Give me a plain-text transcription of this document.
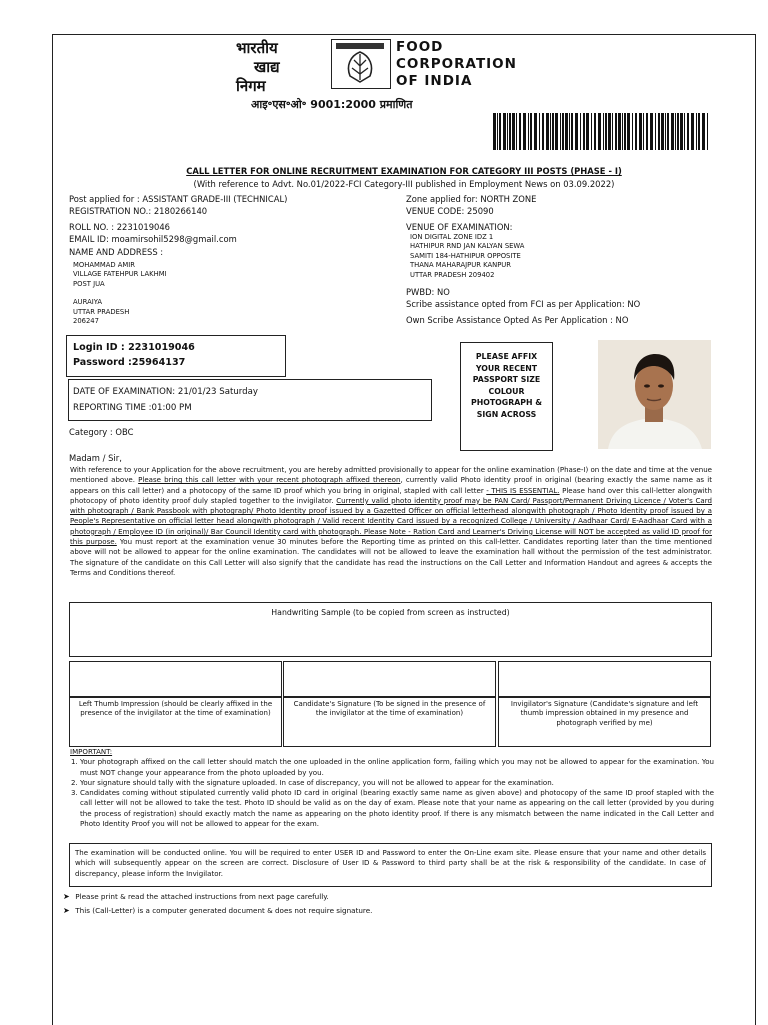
भारतीय
खाद्य
निगम
FOOD
CORPORATION
OF INDIA
आइ॰एस॰ओ॰ 9001:2000 प्रमाणित
CALL LETTER FOR ONLINE RECRUITMENT EXAMINATION FOR CATEGORY III POSTS (PHASE - I)
(With reference to Advt. No.01/2022-FCI Category-III published in Employment News on 03.09.2022)
Post applied for : ASSISTANT GRADE-III (TECHNICAL)
REGISTRATION NO.: 2180266140
ROLL NO. : 2231019046
EMAIL ID: moamirsohil5298@gmail.com
NAME AND ADDRESS :
MOHAMMAD AMIR
VILLAGE FATEHPUR LAKHMI
POST JUA
AURAIYA
UTTAR PRADESH
206247
Zone applied for: NORTH ZONE
VENUE CODE: 25090
VENUE OF EXAMINATION:
ION DIGITAL ZONE IDZ 1
HATHIPUR RND JAN KALYAN SEWA
SAMITI 184-HATHIPUR OPPOSITE
THANA MAHARAJPUR KANPUR
UTTAR PRADESH 209402
PWBD: NO
Scribe assistance opted from FCI as per Application: NO
Own Scribe Assistance Opted As Per Application : NO
Login ID : 2231019046
Password :25964137
DATE OF EXAMINATION: 21/01/23 Saturday
REPORTING TIME :01:00 PM
PLEASE AFFIX
YOUR RECENT
PASSPORT SIZE
COLOUR
PHOTOGRAPH &
SIGN ACROSS
Category : OBC
Madam / Sir,
With reference to your Application for the above recruitment, you are hereby admitted provisionally to appear for the online examination (Phase-I) on the date and time at the venue mentioned above. Please bring this call letter with your recent photograph affixed thereon, currently valid Photo identity proof in original (bearing exactly the same name as it appears on this call letter) and a photocopy of the same ID proof which you bring in original, stapled with call letter - THIS IS ESSENTIAL. Please hand over this call-letter alongwith photocopy of photo identity proof duly stapled together to the invigilator. Currently valid photo identity proof may be PAN Card/ Passport/Permanent Driving Licence / Voter's Card with photograph / Bank Passbook with photograph/ Photo Identity proof issued by a Gazetted Officer on official letterhead alongwith photograph / Photo Identity proof issued by a People's Representative on official letter head alongwith photograph / Valid recent Identity Card issued by a recognized College / University / Aadhaar Card/ E-Aadhaar Card with a photograph / Employee ID (in original)/ Bar Council Identity card with photograph. Please Note - Ration Card and Learner's Driving License will NOT be accepted as valid ID proof for this purpose. You must report at the examination venue 30 minutes before the Reporting time as printed on this call-letter. Candidates reporting later than the time mentioned above will not be allowed to appear for the online examination. The candidates will not be allowed to leave the examination hall without the permission of the test administrator. The signature of the candidate on this Call Letter will also signify that the candidate has read the instructions on the Call Letter and Information Handout and agrees & accepts the Terms and Conditions thereof.
Handwriting Sample (to be copied from screen as instructed)
Left Thumb Impression (should be clearly affixed in the presence of the invigilator at the time of examination)
Candidate's Signature (To be signed in the presence of the invigilator at the time of examination)
Invigilator's Signature (Candidate's signature and left thumb impression obtained in my presence and photograph verified by me)
IMPORTANT:
1. Your photograph affixed on the call letter should match the one uploaded in the online application form, failing which you may not be allowed to appear for the examination. You must NOT change your appearance from the photo uploaded by you.
2. Your signature should tally with the signature uploaded. In case of discrepancy, you will not be allowed to appear for the examination.
3. Candidates coming without stipulated currently valid photo ID card in original (bearing exactly same name as given above) and photocopy of the same ID proof stapled with the call letter will not be allowed to take the test. Photo ID should be valid as on the day of exam. Please note that your name as appearing on the call letter (provided by you during the process of registration) should exactly match the name as appearing on the photo identity proof. If there is any mismatch between the name indicated in the Call Letter and Photo Identity Proof you will not be allowed to appear for the exam.
The examination will be conducted online. You will be required to enter USER ID and Password to enter the On-Line exam site. Please ensure that your name and other details which will subsequently appear on the screen are correct. Disclosure of User ID & Password to third party shall be at the risk & responsibility of the candidate. In case of discrepancy, please inform the Invigilator.
➤ Please print & read the attached instructions from next page carefully.
➤ This (Call-Letter) is a computer generated document & does not require signature.
